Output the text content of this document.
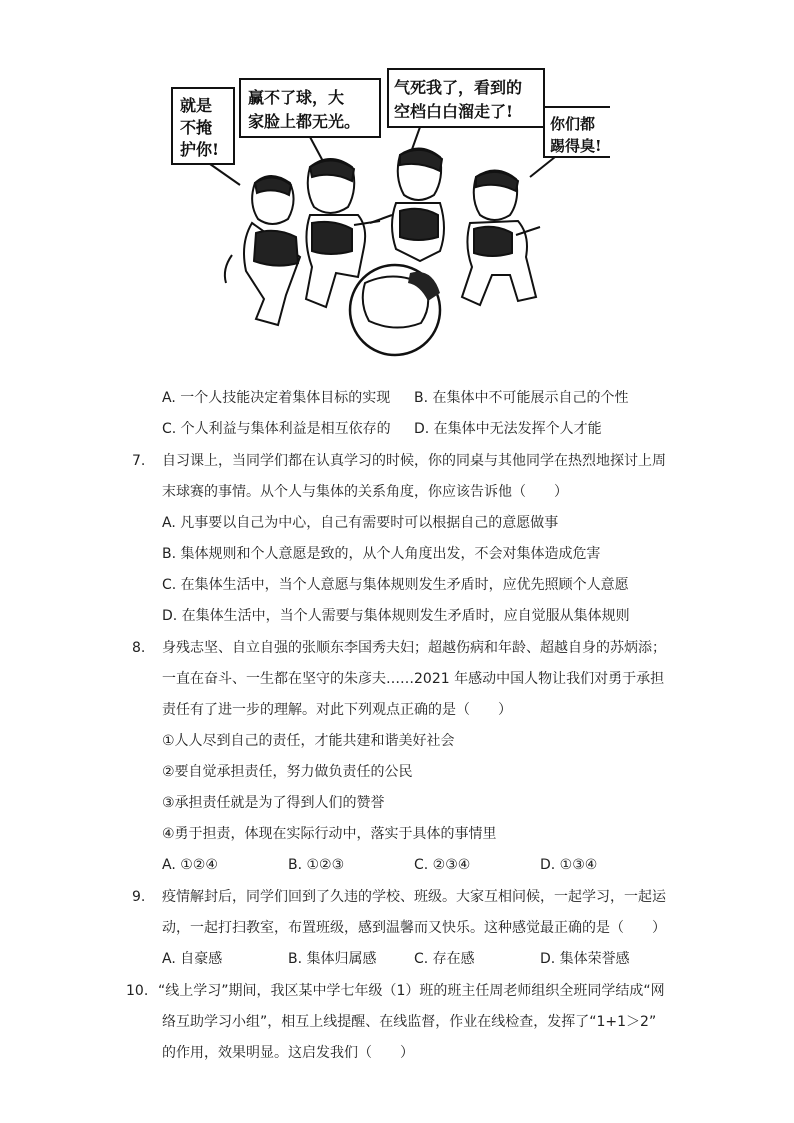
就是
不掩
护你!
赢不了球，大
家脸上都无光。
气死我了，看到的
空档白白溜走了!
你们都
踢得臭!
A. 一个人技能决定着集体目标的实现 B. 在集体中不可能展示自己的个性
C. 个人利益与集体利益是相互依存的 D. 在集体中无法发挥个人才能
7. 自习课上，当同学们都在认真学习的时候，你的同桌与其他同学在热烈地探讨上周
末球赛的事情。从个人与集体的关系角度，你应该告诉他（　　）
A. 凡事要以自己为中心，自己有需要时可以根据自己的意愿做事
B. 集体规则和个人意愿是致的，从个人角度出发，不会对集体造成危害
C. 在集体生活中，当个人意愿与集体规则发生矛盾时，应优先照顾个人意愿
D. 在集体生活中，当个人需要与集体规则发生矛盾时，应自觉服从集体规则
8. 身残志坚、自立自强的张顺东李国秀夫妇；超越伤病和年龄、超越自身的苏炳添；
一直在奋斗、一生都在坚守的朱彦夫……2021 年感动中国人物让我们对勇于承担
责任有了进一步的理解。对此下列观点正确的是（　　）
①人人尽到自己的责任，才能共建和谐美好社会
②要自觉承担责任，努力做负责任的公民
③承担责任就是为了得到人们的赞誉
④勇于担责，体现在实际行动中，落实于具体的事情里
A. ①②④	B. ①②③	C. ②③④	D. ①③④
9. 疫情解封后，同学们回到了久违的学校、班级。大家互相问候，一起学习，一起运
动，一起打扫教室，布置班级，感到温馨而又快乐。这种感觉最正确的是（　　）
A. 自豪感	B. 集体归属感	C. 存在感	D. 集体荣誉感
10. “线上学习”期间，我区某中学七年级（1）班的班主任周老师组织全班同学结成“网
络互助学习小组”，相互上线提醒、在线监督，作业在线检查，发挥了“1+1＞2”
的作用，效果明显。这启发我们（　　）
